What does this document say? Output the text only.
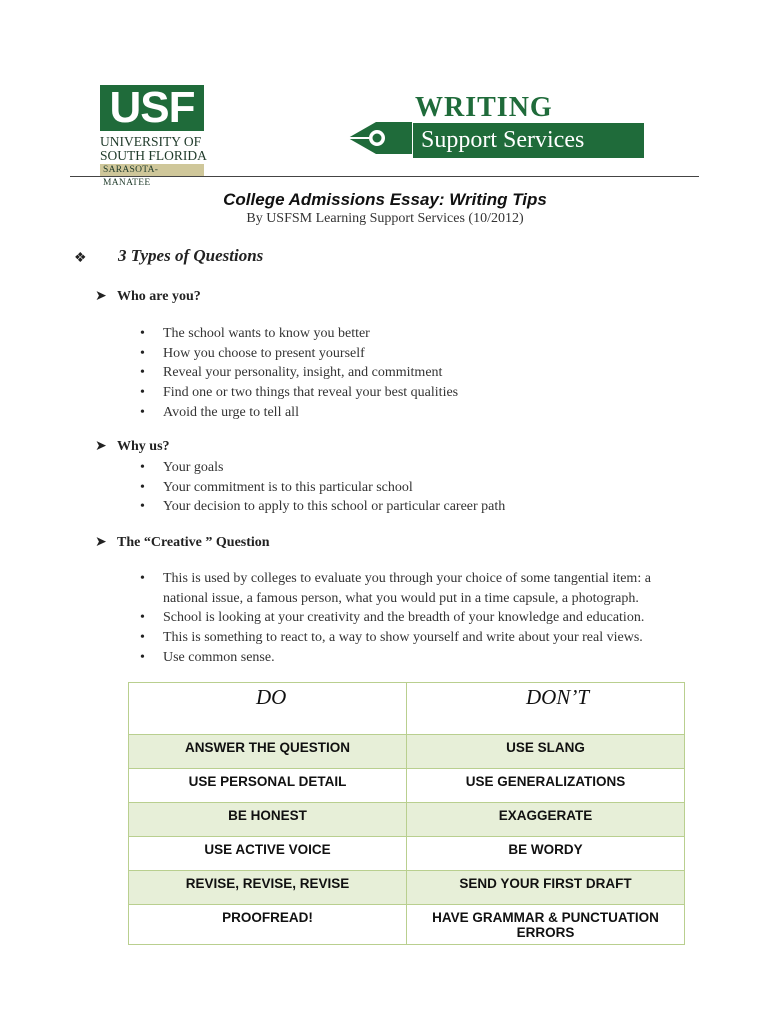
USF
UNIVERSITY OF
SOUTH FLORIDA
SARASOTA-MANATEE
WRITING
Support Services
College Admissions Essay: Writing Tips
By USFSM Learning Support Services (10/2012)
❖ 3 Types of Questions
➤ Who are you?
• The school wants to know you better
• How you choose to present yourself
• Reveal your personality, insight, and commitment
• Find one or two things that reveal your best qualities
• Avoid the urge to tell all
➤ Why us?
• Your goals
• Your commitment is to this particular school
• Your decision to apply to this school or particular career path
➤ The “Creative ” Question
• This is used by colleges to evaluate you through your choice of some tangential item: a national issue, a famous person, what you would put in a time capsule, a photograph.
• School is looking at your creativity and the breadth of your knowledge and education.
• This is something to react to, a way to show yourself and write about your real views.
• Use common sense.
DO	DON’T
ANSWER THE QUESTION	USE SLANG
USE PERSONAL DETAIL	USE GENERALIZATIONS
BE HONEST	EXAGGERATE
USE ACTIVE VOICE	BE WORDY
REVISE, REVISE, REVISE	SEND YOUR FIRST DRAFT
PROOFREAD!	HAVE GRAMMAR & PUNCTUATION ERRORS
